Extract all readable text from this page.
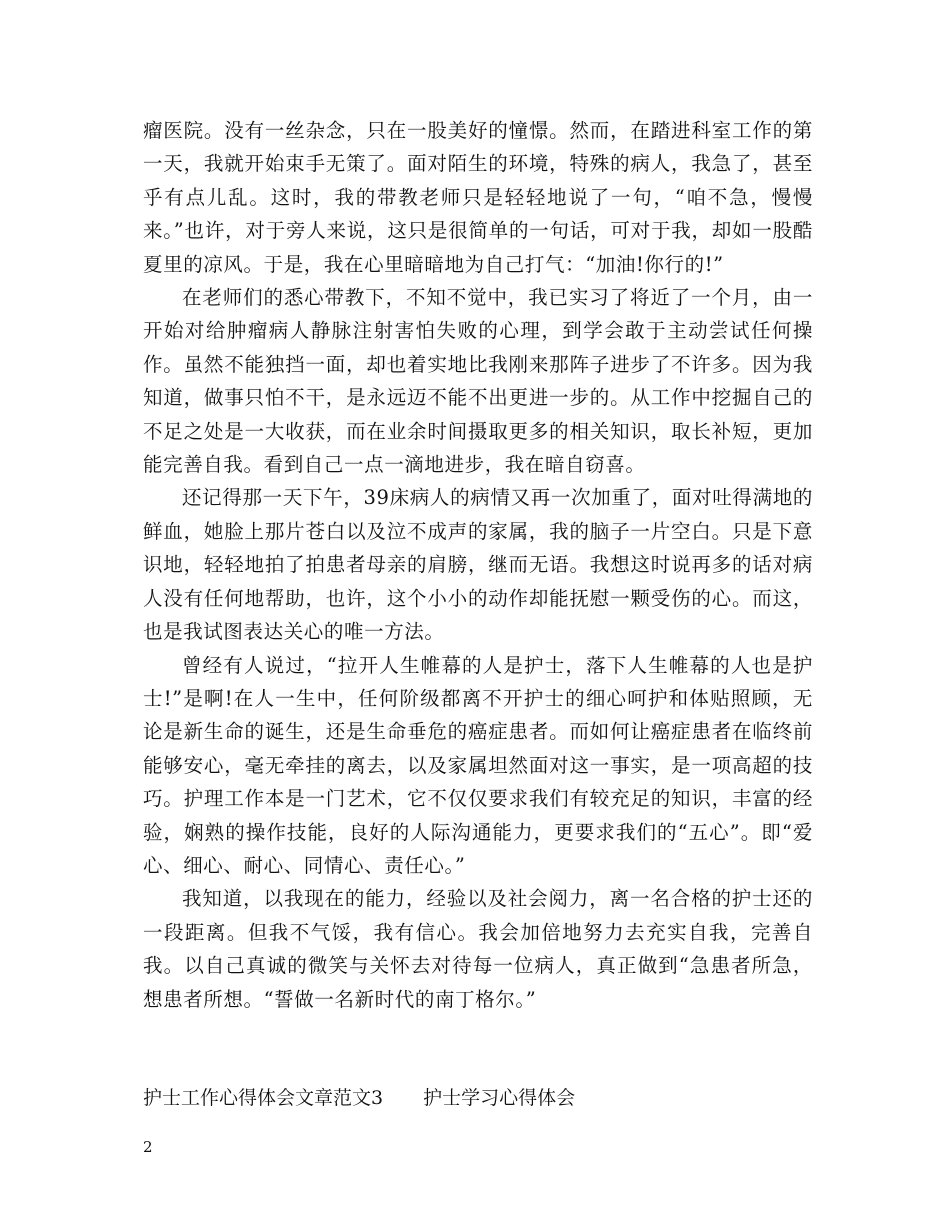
瘤医院。没有一丝杂念，只在一股美好的憧憬。然而，在踏进科室工作的第一天，我就开始束手无策了。面对陌生的环境，特殊的病人，我急了，甚至乎有点儿乱。这时，我的带教老师只是轻轻地说了一句，“咱不急，慢慢来。”也许，对于旁人来说，这只是很简单的一句话，可对于我，却如一股酷夏里的凉风。于是，我在心里暗暗地为自己打气：“加油!你行的!”

在老师们的悉心带教下，不知不觉中，我已实习了将近了一个月，由一开始对给肿瘤病人静脉注射害怕失败的心理，到学会敢于主动尝试任何操作。虽然不能独挡一面，却也着实地比我刚来那阵子进步了不许多。因为我知道，做事只怕不干，是永远迈不能不出更进一步的。从工作中挖掘自己的不足之处是一大收获，而在业余时间摄取更多的相关知识，取长补短，更加能完善自我。看到自己一点一滴地进步，我在暗自窃喜。

还记得那一天下午，39床病人的病情又再一次加重了，面对吐得满地的鲜血，她脸上那片苍白以及泣不成声的家属，我的脑子一片空白。只是下意识地，轻轻地拍了拍患者母亲的肩膀，继而无语。我想这时说再多的话对病人没有任何地帮助，也许，这个小小的动作却能抚慰一颗受伤的心。而这，也是我试图表达关心的唯一方法。

曾经有人说过，“拉开人生帷幕的人是护士，落下人生帷幕的人也是护士!”是啊!在人一生中，任何阶级都离不开护士的细心呵护和体贴照顾，无论是新生命的诞生，还是生命垂危的癌症患者。而如何让癌症患者在临终前能够安心，毫无牵挂的离去，以及家属坦然面对这一事实，是一项高超的技巧。护理工作本是一门艺术，它不仅仅要求我们有较充足的知识，丰富的经验，娴熟的操作技能，良好的人际沟通能力，更要求我们的“五心”。即“爱心、细心、耐心、同情心、责任心。”

我知道，以我现在的能力，经验以及社会阅力，离一名合格的护士还的一段距离。但我不气馁，我有信心。我会加倍地努力去充实自我，完善自我。以自己真诚的微笑与关怀去对待每一位病人，真正做到“急患者所急，想患者所想。“誓做一名新时代的南丁格尔。”

护士工作心得体会文章范文3 护士学习心得体会
2
